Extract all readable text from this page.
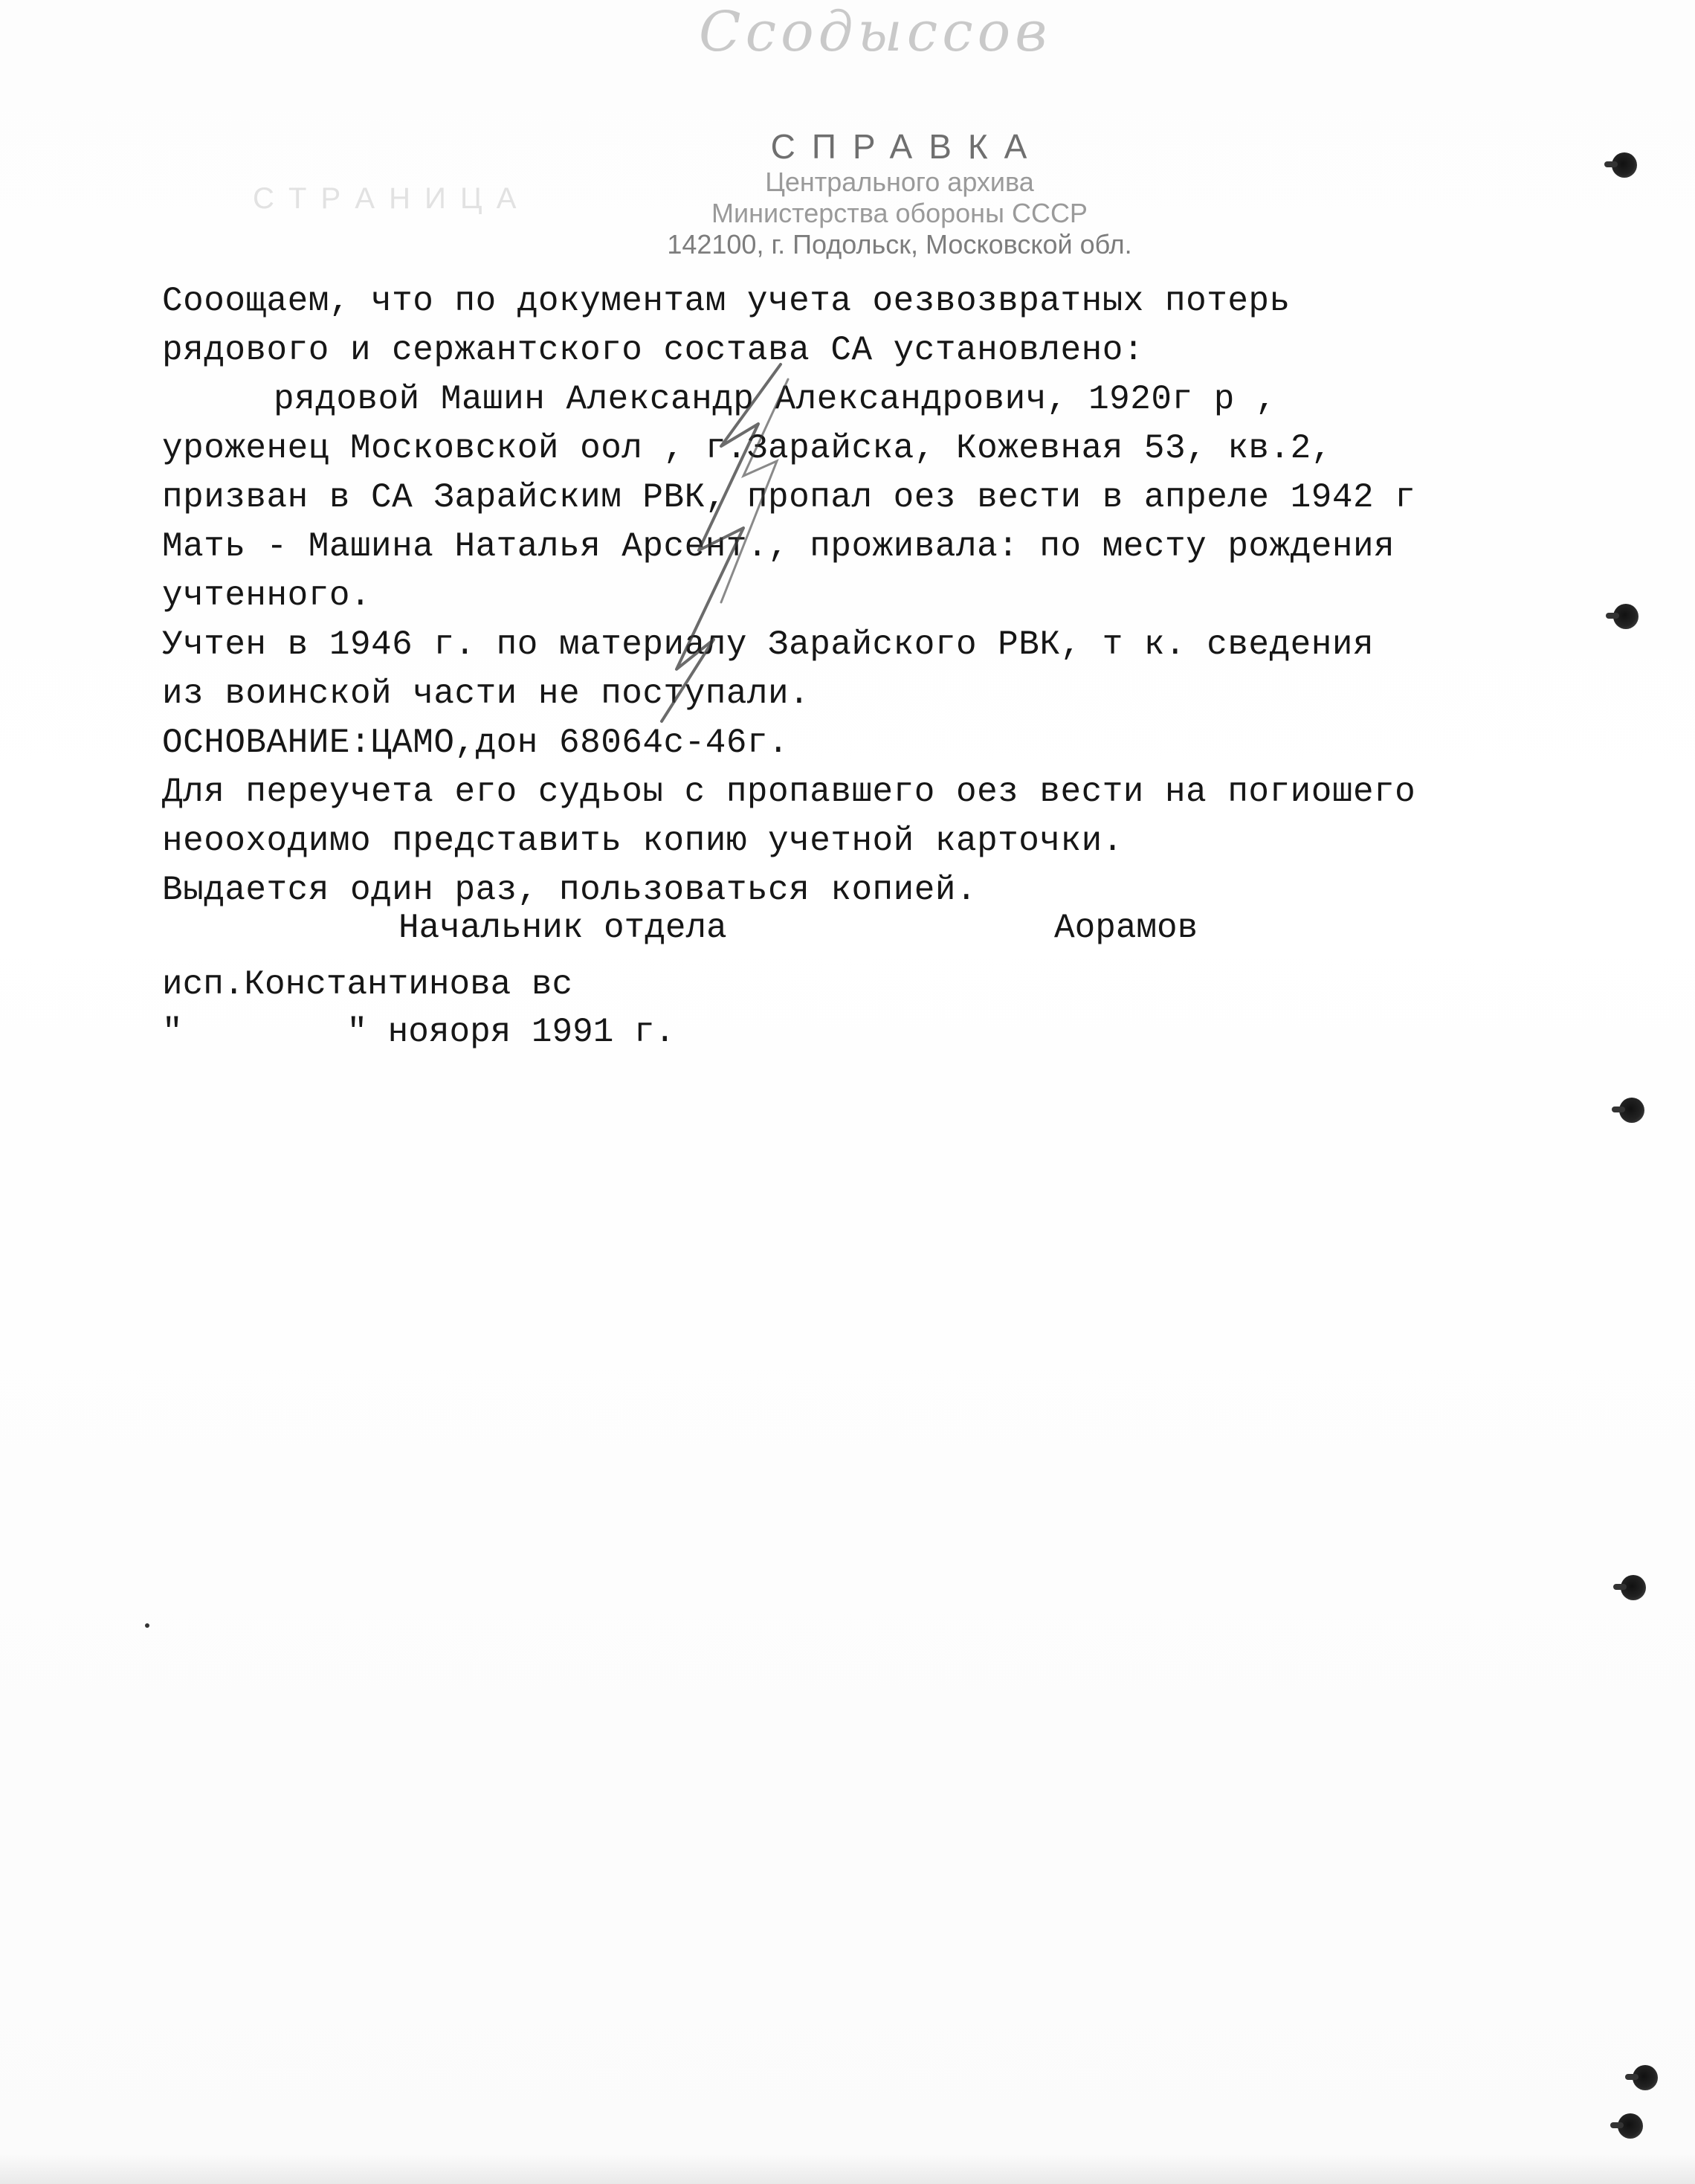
Ссодыссов
С Т Р А Н И Ц А
СПРАВКА
Центрального архива
Министерства обороны СССР
142100, г. Подольск, Московской обл.
Сооощаем, что по документам учета оезвозвратных потерь
рядового и сержантского состава СА установлено:
рядовой Машин Александр Александрович, 1920г р ,
уроженец Московской оол , г.Зарайска, Кожевная 53, кв.2,
призван в СА Зарайским РВК, пропал оез вести в апреле 1942 г
Мать - Машина Наталья Арсент., проживала: по месту рождения
учтенного.
Учтен в 1946 г. по материалу Зарайского РВК, т к. сведения
из воинской части не поступали.
ОСНОВАНИЕ:ЦАМО,дон 68064с-46г.
Для переучета его судьоы с пропавшего оез вести на погиошего
неооходимо представить копию учетной карточки.
Выдается один раз, пользоваться копией.
Начальник отдела	Аорамов
исп.Константинова вс
"        " нояоря 1991 г.
